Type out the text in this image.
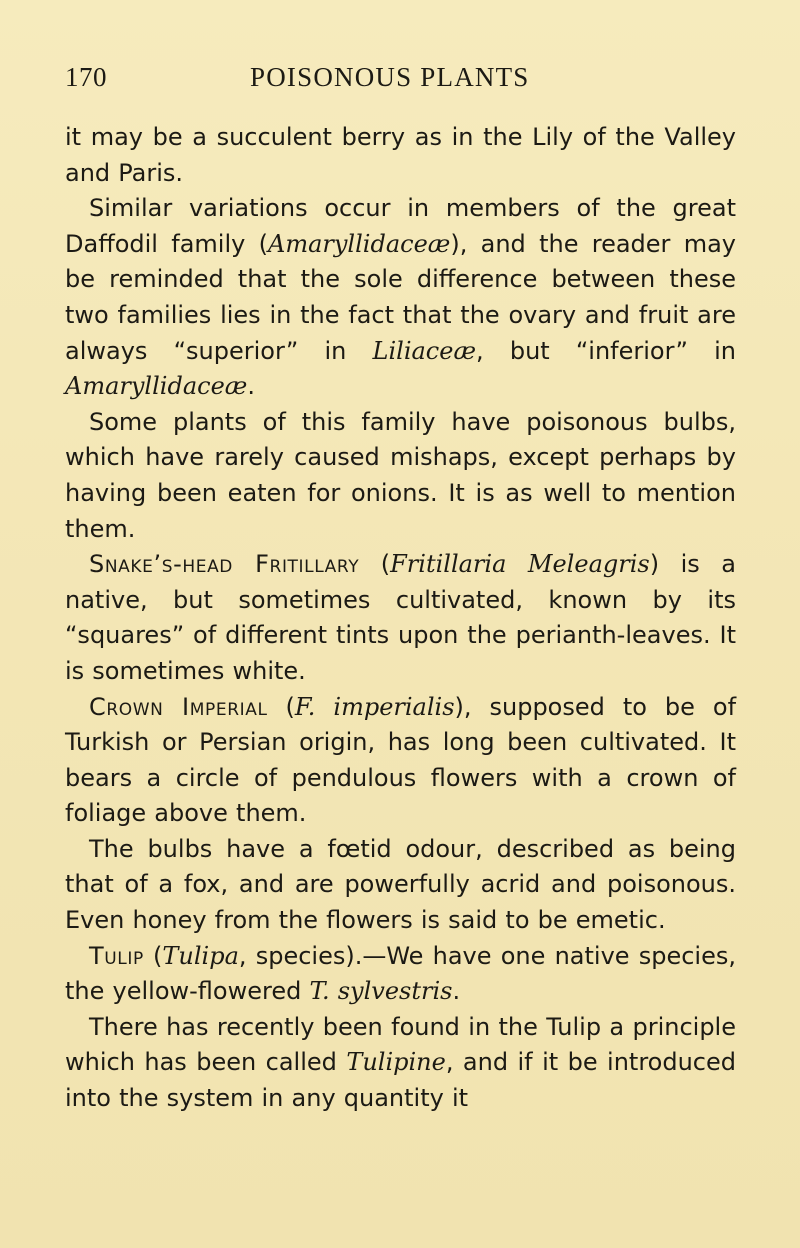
170	POISONOUS PLANTS

it may be a succulent berry as in the Lily of the Valley and Paris.

Similar variations occur in members of the great Daffodil family (Amaryllidaceæ), and the reader may be reminded that the sole difference between these two families lies in the fact that the ovary and fruit are always “superior” in Liliaceæ, but “inferior” in Amaryllidaceæ.

Some plants of this family have poisonous bulbs, which have rarely caused mishaps, except perhaps by having been eaten for onions. It is as well to mention them.

Snake’s-head Fritillary (Fritillaria Meleagris) is a native, but sometimes cultivated, known by its “squares” of different tints upon the perianth-leaves. It is sometimes white.

Crown Imperial (F. imperialis), supposed to be of Turkish or Persian origin, has long been cultivated. It bears a circle of pendulous flowers with a crown of foliage above them.

The bulbs have a fœtid odour, described as being that of a fox, and are powerfully acrid and poisonous. Even honey from the flowers is said to be emetic.

Tulip (Tulipa, species).—We have one native species, the yellow-flowered T. sylvestris.

There has recently been found in the Tulip a principle which has been called Tulipine, and if it be introduced into the system in any quantity it
